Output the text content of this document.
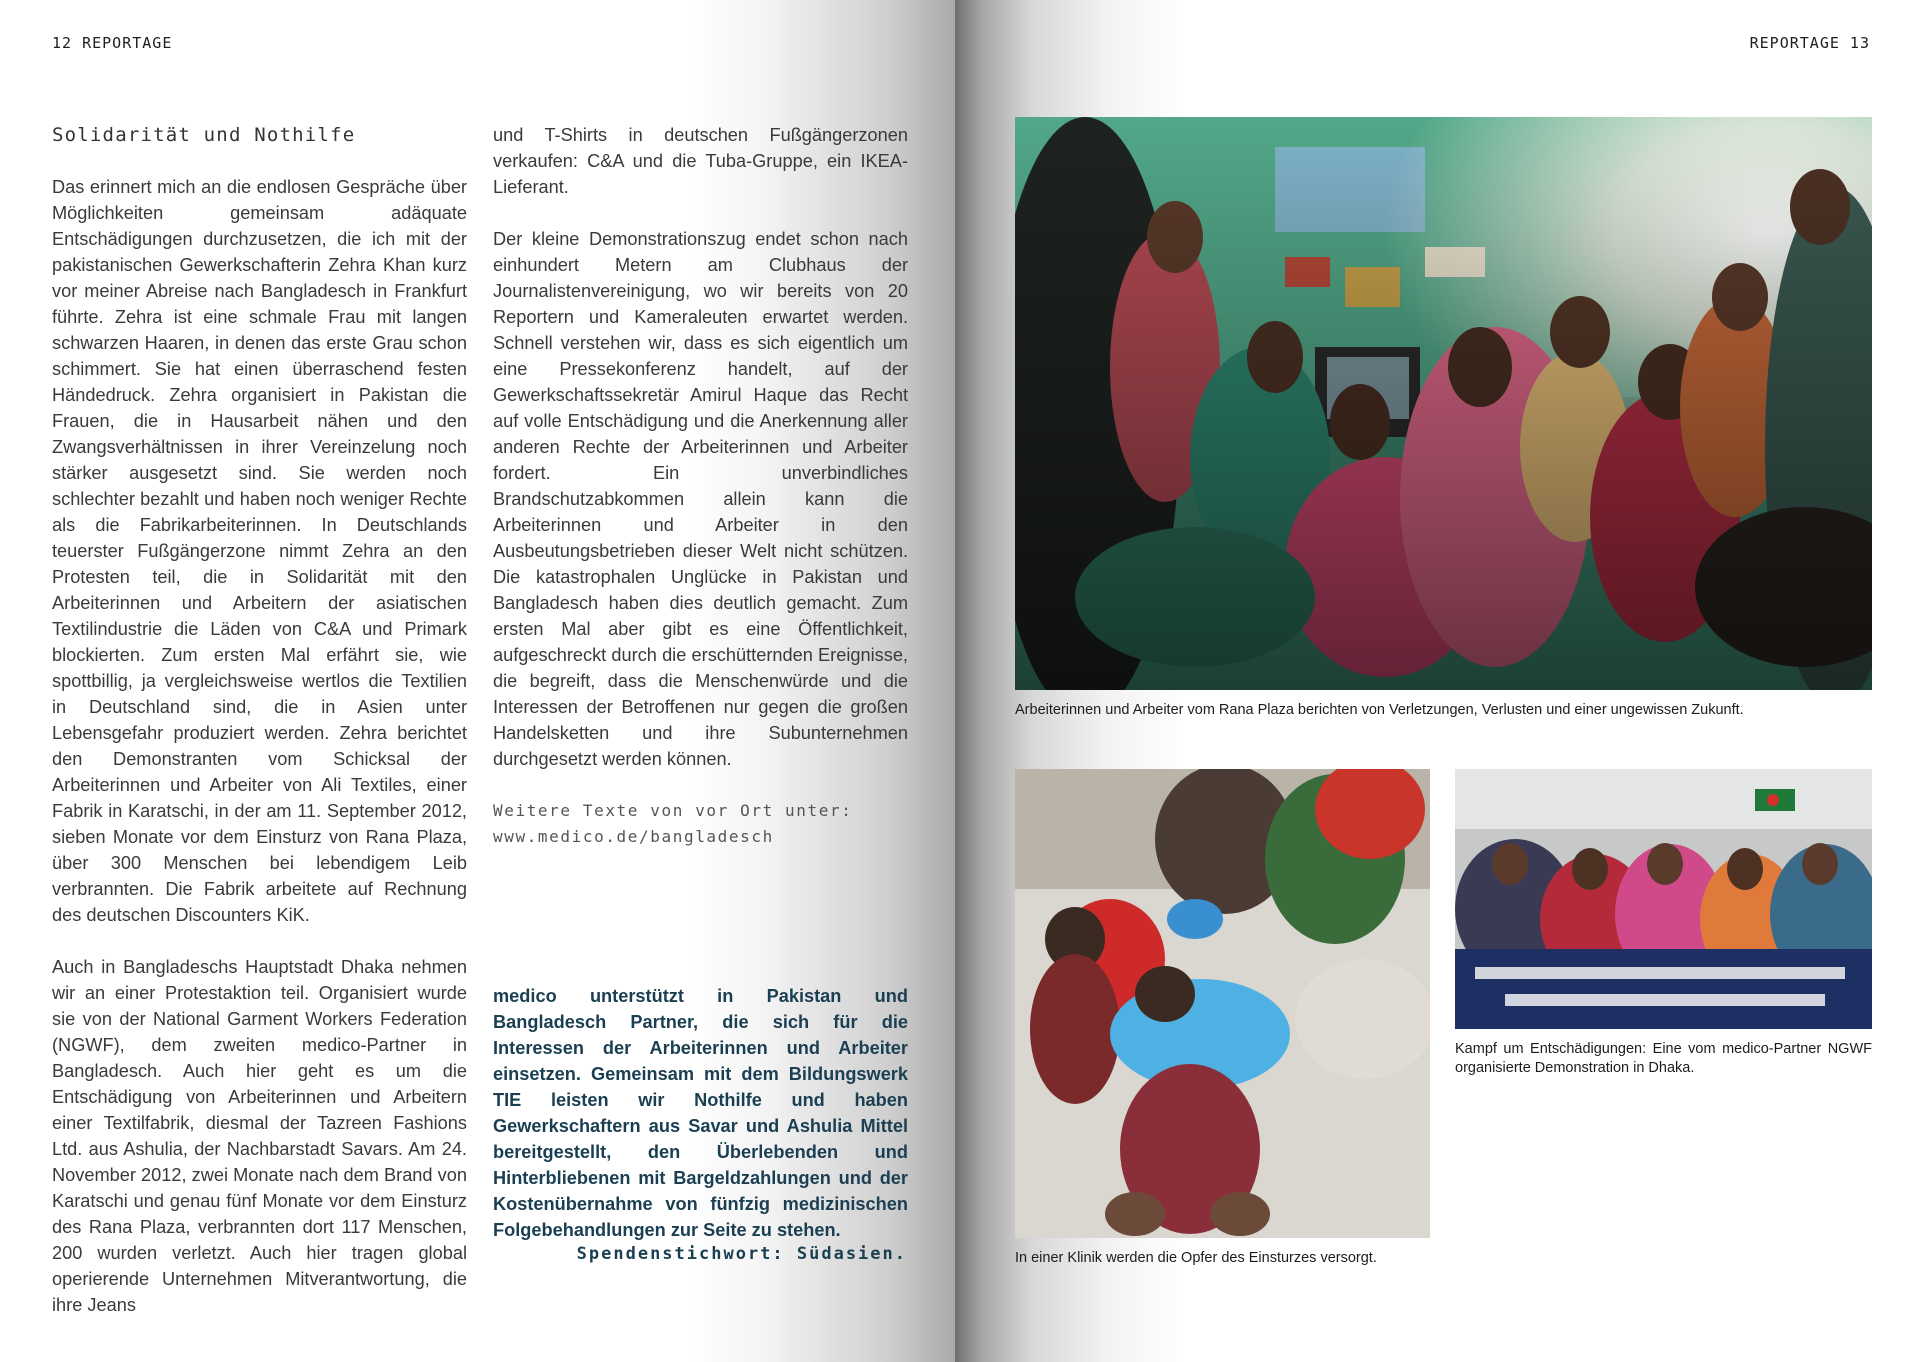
12 REPORTAGE
Solidarität und Nothilfe

Das erinnert mich an die endlosen Gespräche über Möglichkeiten gemeinsam adäquate Entschädigungen durchzusetzen, die ich mit der pakistanischen Gewerkschafterin Zehra Khan kurz vor meiner Abreise nach Bangladesch in Frankfurt führte. Zehra ist eine schmale Frau mit langen schwarzen Haaren, in denen das erste Grau schon schimmert. Sie hat einen überraschend festen Händedruck. Zehra organisiert in Pakistan die Frauen, die in Hausarbeit nähen und den Zwangsverhältnissen in ihrer Vereinzelung noch stärker ausgesetzt sind. Sie werden noch schlechter bezahlt und haben noch weniger Rechte als die Fabrikarbeiterinnen. In Deutschlands teuerster Fußgängerzone nimmt Zehra an den Protesten teil, die in Solidarität mit den Arbeiterinnen und Arbeitern der asiatischen Textilindustrie die Läden von C&A und Primark blockierten. Zum ersten Mal erfährt sie, wie spottbillig, ja vergleichsweise wertlos die Textilien in Deutschland sind, die in Asien unter Lebensgefahr produziert werden. Zehra berichtet den Demonstranten vom Schicksal der Arbeiterinnen und Arbeiter von Ali Textiles, einer Fabrik in Karatschi, in der am 11. September 2012, sieben Monate vor dem Einsturz von Rana Plaza, über 300 Menschen bei lebendigem Leib verbrannten. Die Fabrik arbeitete auf Rechnung des deutschen Discounters KiK.

Auch in Bangladeschs Hauptstadt Dhaka nehmen wir an einer Protestaktion teil. Organisiert wurde sie von der National Garment Workers Federation (NGWF), dem zweiten medico-Partner in Bangladesch. Auch hier geht es um die Entschädigung von Arbeiterinnen und Arbeitern einer Textilfabrik, diesmal der Tazreen Fashions Ltd. aus Ashulia, der Nachbarstadt Savars. Am 24. November 2012, zwei Monate nach dem Brand von Karatschi und genau fünf Monate vor dem Einsturz des Rana Plaza, verbrannten dort 117 Menschen, 200 wurden verletzt. Auch hier tragen global operierende Unternehmen Mitverantwortung, die ihre Jeans

und T-Shirts in deutschen Fußgängerzonen verkaufen: C&A und die Tuba-Gruppe, ein IKEA-Lieferant.

Der kleine Demonstrationszug endet schon nach einhundert Metern am Clubhaus der Journalistenvereinigung, wo wir bereits von 20 Reportern und Kameraleuten erwartet werden. Schnell verstehen wir, dass es sich eigentlich um eine Pressekonferenz handelt, auf der Gewerkschaftssekretär Amirul Haque das Recht auf volle Entschädigung und die Anerkennung aller anderen Rechte der Arbeiterinnen und Arbeiter fordert. Ein unverbindliches Brandschutzabkommen allein kann die Arbeiterinnen und Arbeiter in den Ausbeutungsbetrieben dieser Welt nicht schützen. Die katastrophalen Unglücke in Pakistan und Bangladesch haben dies deutlich gemacht. Zum ersten Mal aber gibt es eine Öffentlichkeit, aufgeschreckt durch die erschütternden Ereignisse, die begreift, dass die Menschenwürde und die Interessen der Betroffenen nur gegen die großen Handelsketten und ihre Subunternehmen durchgesetzt werden können.

Weitere Texte von vor Ort unter:
www.medico.de/bangladesch
medico unterstützt in Pakistan und Bangladesch Partner, die sich für die Interessen der Arbeiterinnen und Arbeiter einsetzen. Gemeinsam mit dem Bildungswerk TIE leisten wir Nothilfe und haben Gewerkschaftern aus Savar und Ashulia Mittel bereitgestellt, den Überlebenden und Hinterbliebenen mit Bargeldzahlungen und der Kostenübernahme von fünfzig medizinischen Folgebehandlungen zur Seite zu stehen.
Spendenstichwort: Südasien.
REPORTAGE 13
Arbeiterinnen und Arbeiter vom Rana Plaza berichten von Verletzungen, Verlusten und einer ungewissen Zukunft.
In einer Klinik werden die Opfer des Einsturzes versorgt.
Kampf um Entschädigungen: Eine vom medico-Partner NGWF organisierte Demonstration in Dhaka.
